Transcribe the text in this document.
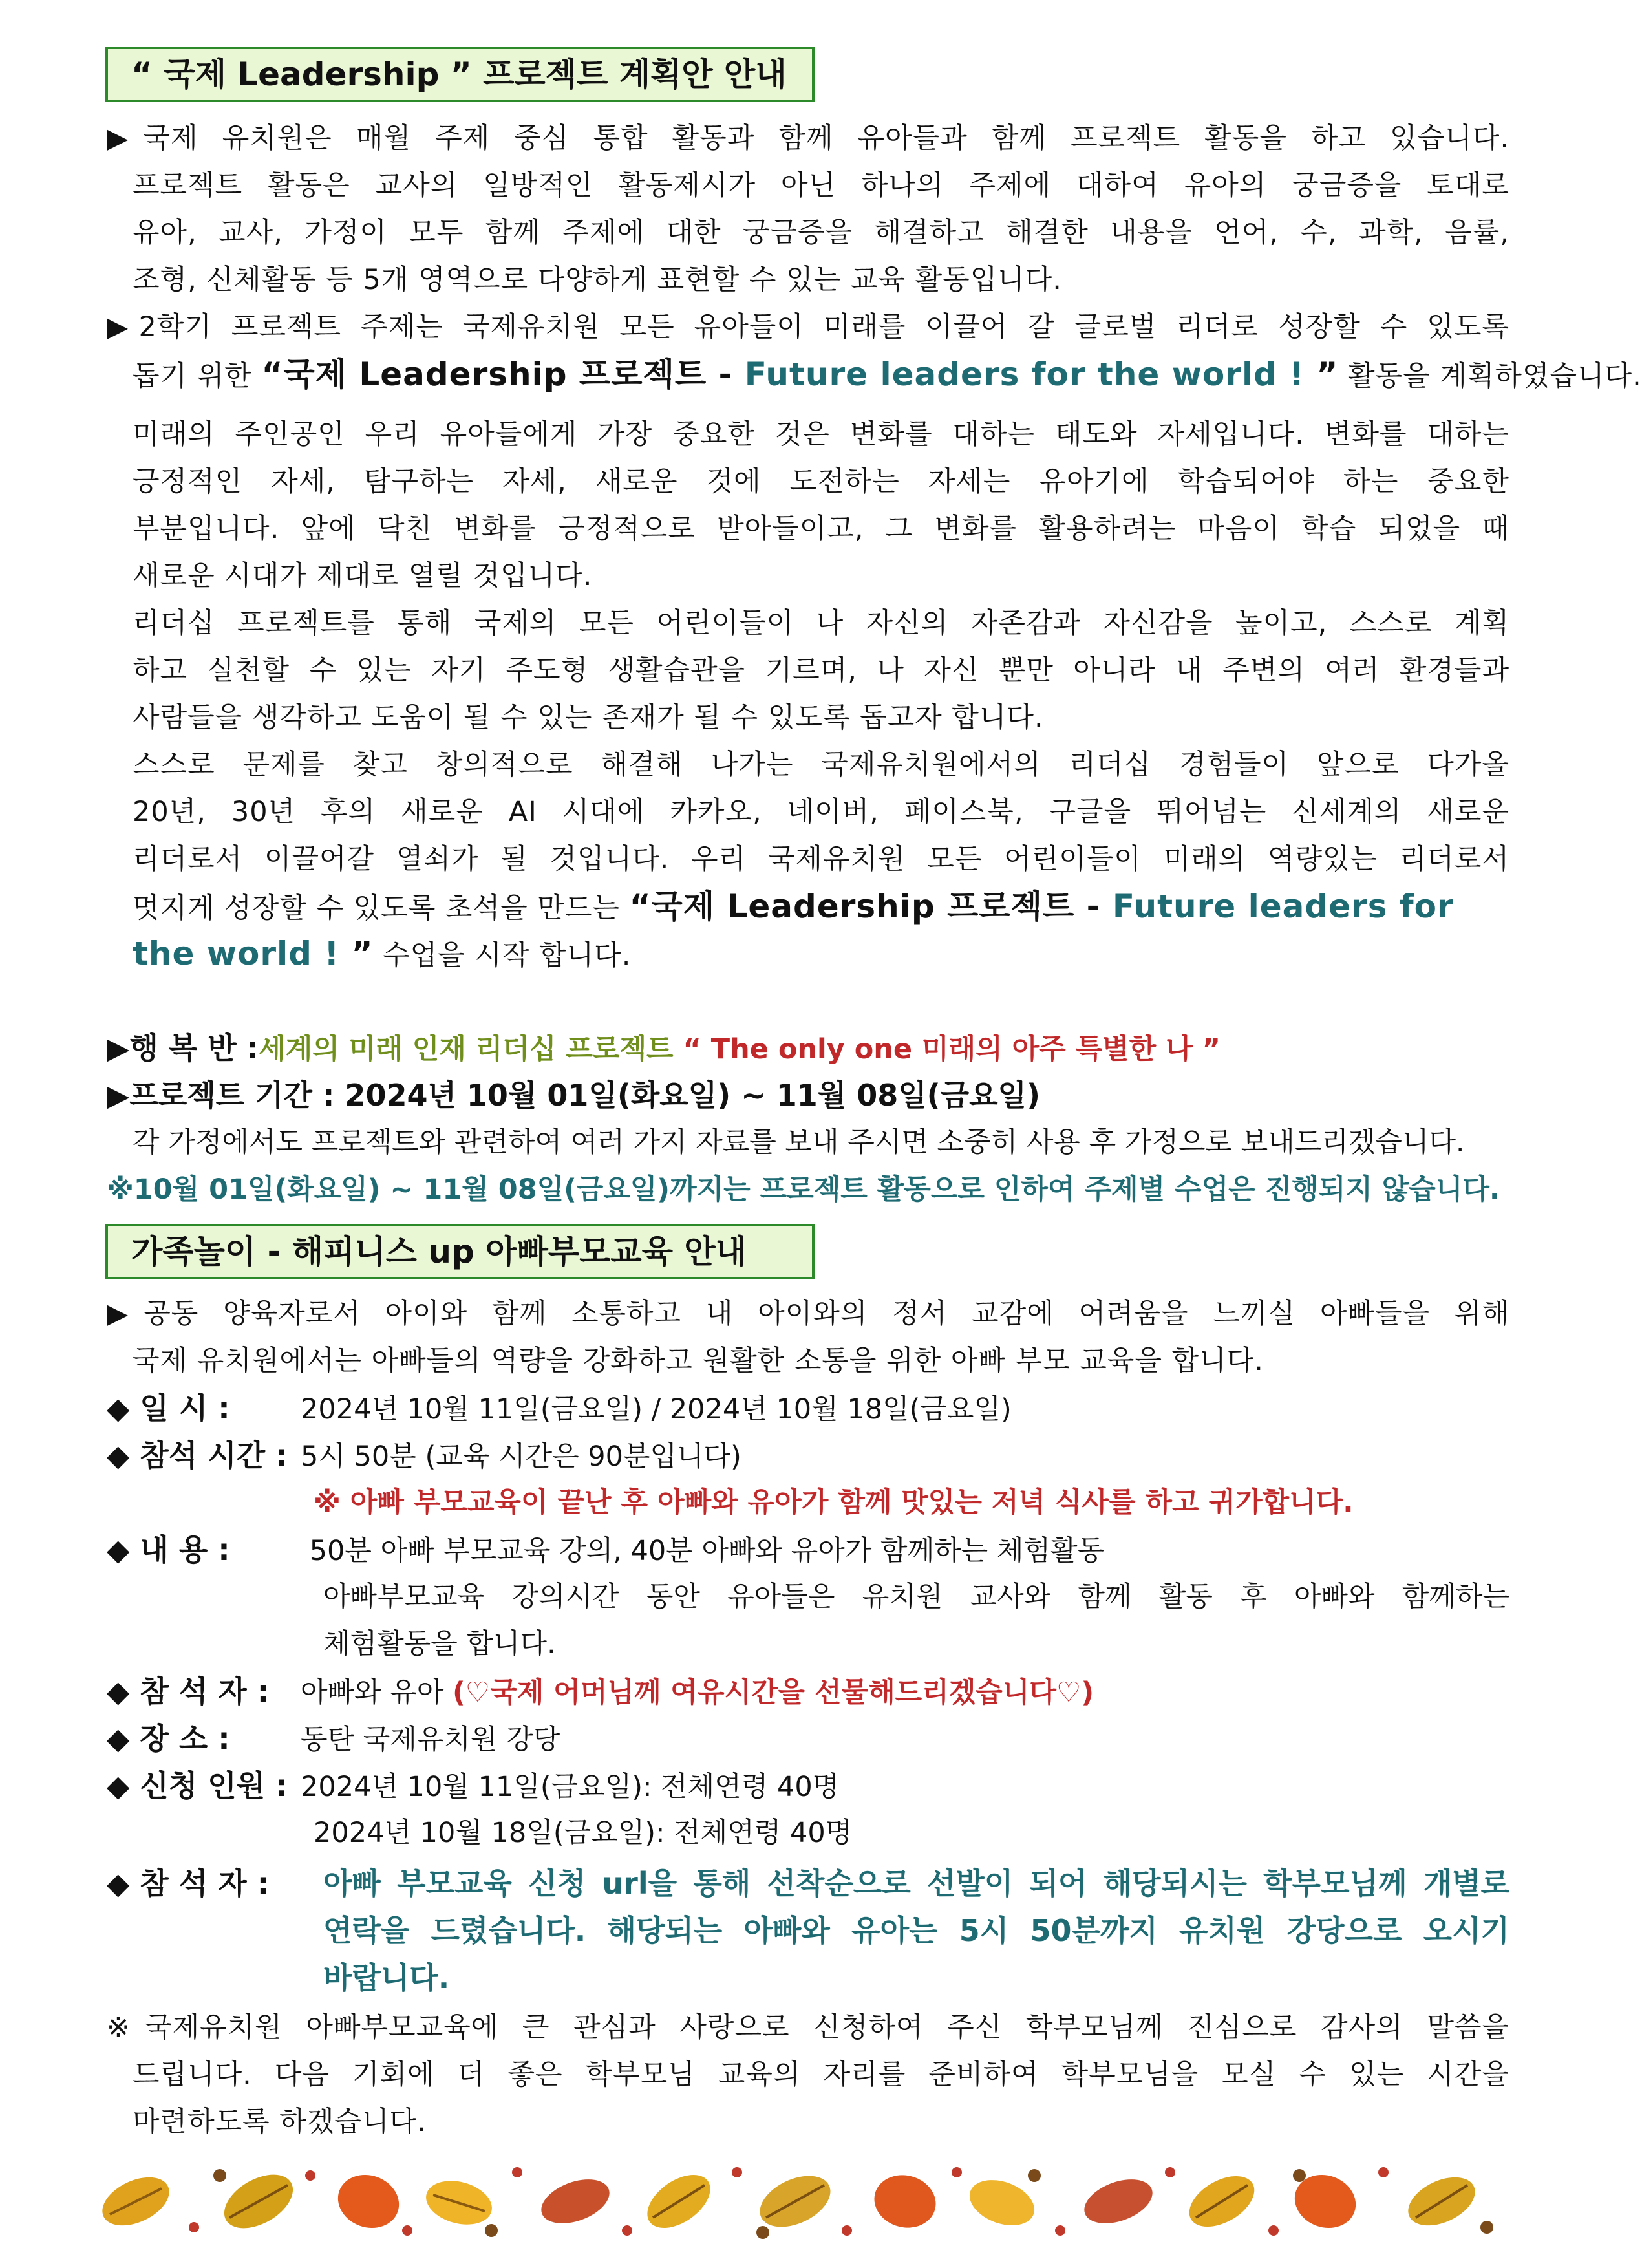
“ 국제 Leadership ” 프로젝트 계획안 안내
▶국제 유치원은 매월 주제 중심 통합 활동과 함께 유아들과 함께 프로젝트 활동을 하고 있습니다.
프로젝트 활동은 교사의 일방적인 활동제시가 아닌 하나의 주제에 대하여 유아의 궁금증을 토대로
유아, 교사, 가정이 모두 함께 주제에 대한 궁금증을 해결하고 해결한 내용을 언어, 수, 과학, 음률,
조형, 신체활동 등 5개 영역으로 다양하게 표현할 수 있는 교육 활동입니다.
▶2학기 프로젝트 주제는 국제유치원 모든 유아들이 미래를 이끌어 갈 글로벌 리더로 성장할 수 있도록
돕기 위한 “국제 Leadership 프로젝트 - Future leaders for the world ! ” 활동을 계획하였습니다.
미래의 주인공인 우리 유아들에게 가장 중요한 것은 변화를 대하는 태도와 자세입니다. 변화를 대하는
긍정적인 자세, 탐구하는 자세, 새로운 것에 도전하는 자세는 유아기에 학습되어야 하는 중요한
부분입니다. 앞에 닥친 변화를 긍정적으로 받아들이고, 그 변화를 활용하려는 마음이 학습 되었을 때
새로운 시대가 제대로 열릴 것입니다.
리더십 프로젝트를 통해 국제의 모든 어린이들이 나 자신의 자존감과 자신감을 높이고, 스스로 계획
하고 실천할 수 있는 자기 주도형 생활습관을 기르며, 나 자신 뿐만 아니라 내 주변의 여러 환경들과
사람들을 생각하고 도움이 될 수 있는 존재가 될 수 있도록 돕고자 합니다.
스스로 문제를 찾고 창의적으로 해결해 나가는 국제유치원에서의 리더십 경험들이 앞으로 다가올
20년, 30년 후의 새로운 AI 시대에 카카오, 네이버, 페이스북, 구글을 뛰어넘는 신세계의 새로운
리더로서 이끌어갈 열쇠가 될 것입니다. 우리 국제유치원 모든 어린이들이 미래의 역량있는 리더로서
멋지게 성장할 수 있도록 초석을 만드는 “국제 Leadership 프로젝트 - Future leaders for
the world ! ” 수업을 시작 합니다.
▶행 복 반 :세계의 미래 인재 리더십 프로젝트 “ The only one 미래의 아주 특별한 나 ”
▶프로젝트 기간 : 2024년 10월 01일(화요일) ~ 11월 08일(금요일)
각 가정에서도 프로젝트와 관련하여 여러 가지 자료를 보내 주시면 소중히 사용 후 가정으로 보내드리겠습니다.
※10월 01일(화요일) ~ 11월 08일(금요일)까지는 프로젝트 활동으로 인하여 주제별 수업은 진행되지 않습니다.
가족놀이 - 해피니스 up 아빠부모교육 안내
▶공동 양육자로서 아이와 함께 소통하고 내 아이와의 정서 교감에 어려움을 느끼실 아빠들을 위해
국제 유치원에서는 아빠들의 역량을 강화하고 원활한 소통을 위한 아빠 부모 교육을 합니다.
◆ 일 시 :	2024년 10월 11일(금요일) / 2024년 10월 18일(금요일)
◆ 참석 시간 : 5시 50분 (교육 시간은 90분입니다)
※ 아빠 부모교육이 끝난 후 아빠와 유아가 함께 맛있는 저녁 식사를 하고 귀가합니다.
◆ 내 용 :	50분 아빠 부모교육 강의, 40분 아빠와 유아가 함께하는 체험활동
아빠부모교육 강의시간 동안 유아들은 유치원 교사와 함께 활동 후 아빠와 함께하는
체험활동을 합니다.
◆ 참 석 자 : 아빠와 유아 (♡국제 어머님께 여유시간을 선물해드리겠습니다♡)
◆ 장 소 :	동탄 국제유치원 강당
◆ 신청 인원 : 2024년 10월 11일(금요일): 전체연령 40명
2024년 10월 18일(금요일): 전체연령 40명
◆ 참 석 자 :	아빠 부모교육 신청 url을 통해 선착순으로 선발이 되어 해당되시는 학부모님께 개별로
연락을 드렸습니다. 해당되는 아빠와 유아는 5시 50분까지 유치원 강당으로 오시기
바랍니다.
※국제유치원 아빠부모교육에 큰 관심과 사랑으로 신청하여 주신 학부모님께 진심으로 감사의 말씀을
드립니다. 다음 기회에 더 좋은 학부모님 교육의 자리를 준비하여 학부모님을 모실 수 있는 시간을
마련하도록 하겠습니다.
